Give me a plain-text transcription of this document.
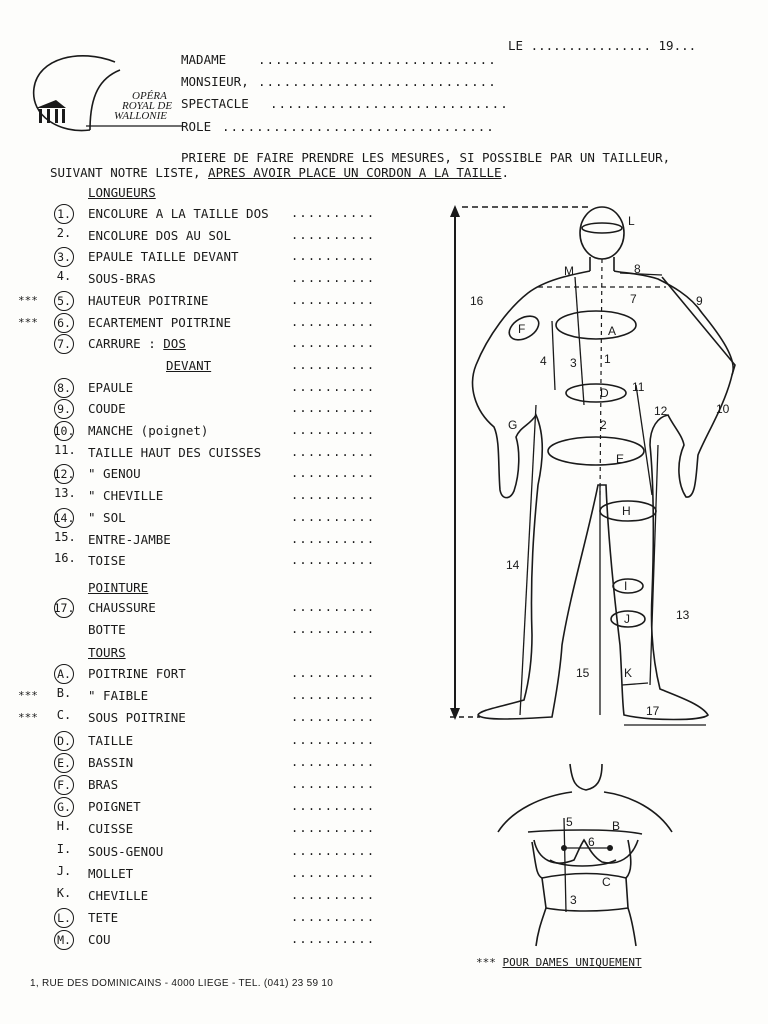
LE ................ 19...
OPÉRA
ROYAL DE
WALLONIE
MADAME	............................
MONSIEUR, ............................
SPECTACLE ............................
ROLE ................................
PRIERE DE FAIRE PRENDRE LES MESURES, SI POSSIBLE PAR UN TAILLEUR,
SUIVANT NOTRE LISTE, APRES AVOIR PLACE UN CORDON A LA TAILLE.
LONGUEURS
POINTURE
TOURS
1. ENCOLURE A LA TAILLE DOS ..........
2. ENCOLURE DOS AU SOL	..........
3. EPAULE TAILLE DEVANT	..........
4. SOUS-BRAS	..........
*** 5. HAUTEUR POITRINE	..........
*** 6. ECARTEMENT POITRINE	..........
7. CARRURE : DOS	..........
DEVANT	..........
8. EPAULE	..........
9. COUDE	..........
10. MANCHE (poignet)	..........
11. TAILLE HAUT DES CUISSES ..........
12. " GENOU	..........
13. " CHEVILLE	..........
14. " SOL	..........
15. ENTRE-JAMBE	..........
16. TOISE	..........
17. CHAUSSURE	..........
BOTTE	..........
A. POITRINE FORT	..........
*** B. " FAIBLE	..........
*** C. SOUS POITRINE	..........
D. TAILLE	..........
E. BASSIN	..........
F. BRAS	..........
G. POIGNET	..........
H. CUISSE	..........
I. SOUS-GENOU	..........
J. MOLLET	..........
K. CHEVILLE	..........
L. TETE	..........
M. COU	..........
L
M	8
7	9
16
A
F
4 3 1
D 11
12	10
G	2
E
H
14
I
J	13
15	K
17
5	B
6
C
3
*** POUR DAMES UNIQUEMENT
1, RUE DES DOMINICAINS - 4000 LIEGE - TEL. (041) 23 59 10
